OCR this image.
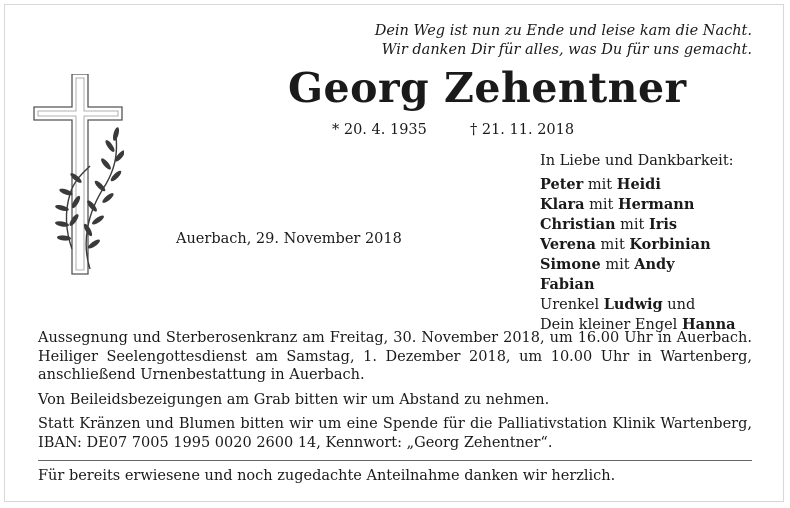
Dein Weg ist nun zu Ende und leise kam die Nacht.
Wir danken Dir für alles, was Du für uns gemacht.
Georg Zehentner
* 20. 4. 1935	† 21. 11. 2018
Auerbach, 29. November 2018
In Liebe und Dankbarkeit:
Peter mit Heidi
Klara mit Hermann
Christian mit Iris
Verena mit Korbinian
Simone mit Andy
Fabian
Urenkel Ludwig und
Dein kleiner Engel Hanna

Aussegnung und Sterberosenkranz am Freitag, 30. November 2018, um 16.00 Uhr in Auerbach. Heiliger Seelengottesdienst am Samstag, 1. Dezember 2018, um 10.00 Uhr in Wartenberg, anschließend Urnenbestattung in Auerbach.

Von Beileidsbezeigungen am Grab bitten wir um Abstand zu nehmen.

Statt Kränzen und Blumen bitten wir um eine Spende für die Palliativstation Klinik Wartenberg, IBAN: DE07 7005 1995 0020 2600 14, Kennwort: „Georg Zehentner“.

Für bereits erwiesene und noch zugedachte Anteilnahme danken wir herzlich.
